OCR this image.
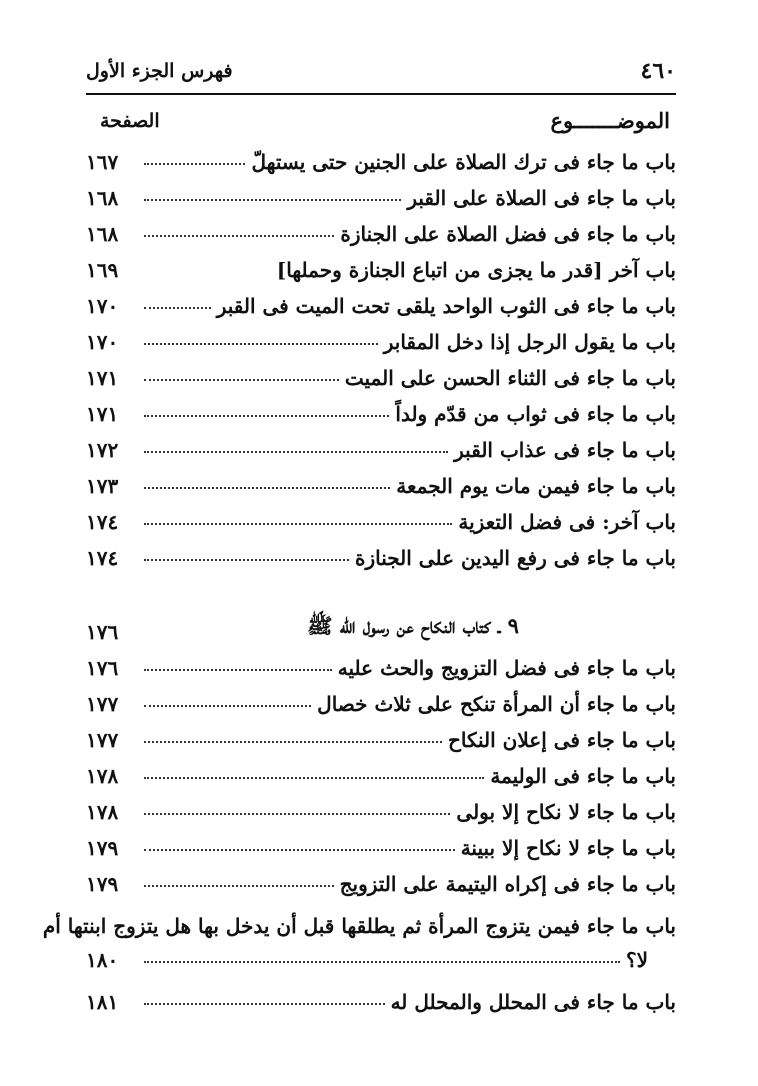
٤٦٠
فهرس الجزء الأول
الموضـــــــوع
الصفحة
باب ما جاء فى ترك الصلاة على الجنين حتى يستهلّ
١٦٧
باب ما جاء فى الصلاة على القبر
١٦٨
باب ما جاء فى فضل الصلاة على الجنازة
١٦٨
باب آخر [قدر ما يجزى من اتباع الجنازة وحملها]
١٦٩
باب ما جاء فى الثوب الواحد يلقى تحت الميت فى القبر
١٧٠
باب ما يقول الرجل إذا دخل المقابر
١٧٠
باب ما جاء فى الثناء الحسن على الميت
١٧١
باب ما جاء فى ثواب من قدّم ولداً
١٧١
باب ما جاء فى عذاب القبر
١٧٢
باب ما جاء فيمن مات يوم الجمعة
١٧٣
باب آخر: فى فضل التعزية
١٧٤
باب ما جاء فى رفع اليدين على الجنازة
١٧٤
٩ ـ كتاب النكاح عن رسول الله ﷺ
١٧٦
باب ما جاء فى فضل التزويج والحث عليه
١٧٦
باب ما جاء أن المرأة تنكح على ثلاث خصال
١٧٧
باب ما جاء فى إعلان النكاح
١٧٧
باب ما جاء فى الوليمة
١٧٨
باب ما جاء لا نكاح إلا بولى
١٧٨
باب ما جاء لا نكاح إلا ببينة
١٧٩
باب ما جاء فى إكراه اليتيمة على التزويج
١٧٩
باب ما جاء فيمن يتزوج المرأة ثم يطلقها قبل أن يدخل بها هل يتزوج ابنتها أم
لا؟
١٨٠
باب ما جاء فى المحلل والمحلل له
١٨١
